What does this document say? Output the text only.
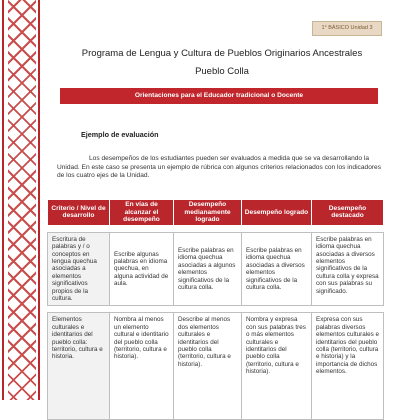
1° BÁSICO Unidad 3
Programa de Lengua y Cultura de Pueblos Originarios Ancestrales
Pueblo Colla
Orientaciones para el Educador tradicional o Docente
Ejemplo de evaluación
Los desempeños de los estudiantes pueden ser evaluados a medida que se va desarrollando la Unidad. En este caso se presenta un ejemplo de rúbrica con algunos criterios relacionados con los indicadores de los cuatro ejes de la Unidad.
Criterio / Nivel de desarrollo	En vías de alcanzar el desempeño	Desempeño medianamente logrado	Desempeño logrado	Desempeño destacado

Escritura de palabras y / o conceptos en lengua quechua asociadas a elementos significativos propios de la cultura.	Escribe algunas palabras en idioma quechua, en alguna actividad de aula.	Escribe palabras en idioma quechua asociadas a algunos elementos significativos de la cultura colla.	Escribe palabras en idioma quechua asociadas a diversos elementos significativos de la cultura colla.	Escribe palabras en idioma quechua asociadas a diversos elementos significativos de la cultura colla y expresa con sus palabras su significado.

Elementos culturales e identitarios del pueblo colla: territorio, cultura e historia.	Nombra al menos un elemento cultural e identitario del pueblo colla (territorio, cultura e historia).	Describe al menos dos elementos culturales e identitarios del pueblo colla (territorio, cultura e historia).	Nombra y expresa con sus palabras tres o más elementos culturales e identitarios del pueblo colla (territorio, cultura e historia).	Expresa con sus palabras diversos elementos culturales e identitarios del pueblo colla (territorio, cultura e historia) y la importancia de dichos elementos.
